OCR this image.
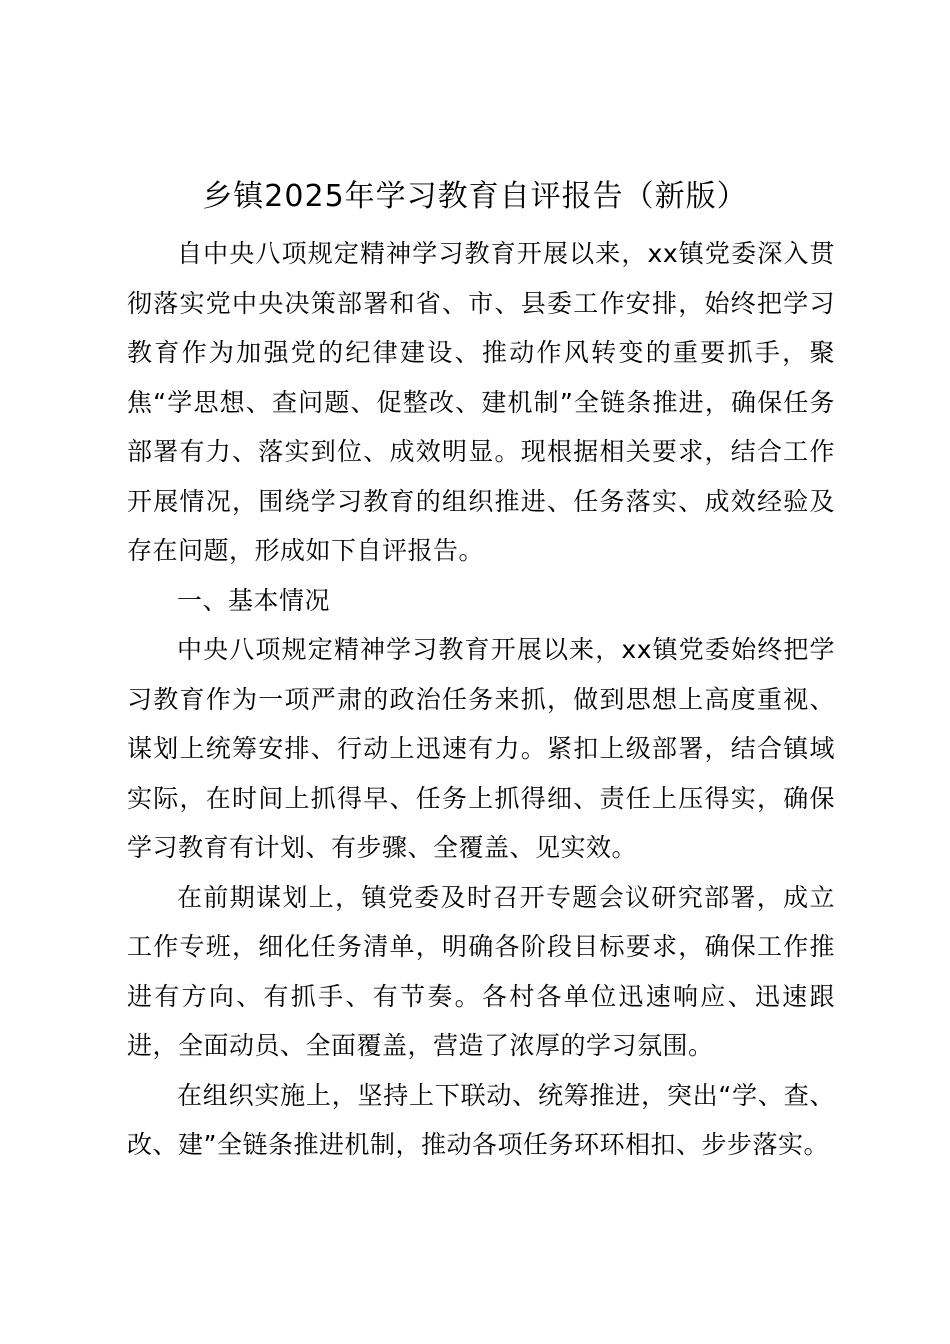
乡镇2025年学习教育自评报告（新版）

自中央八项规定精神学习教育开展以来，xx镇党委深入贯彻落实党中央决策部署和省、市、县委工作安排，始终把学习教育作为加强党的纪律建设、推动作风转变的重要抓手，聚焦“学思想、查问题、促整改、建机制”全链条推进，确保任务部署有力、落实到位、成效明显。现根据相关要求，结合工作开展情况，围绕学习教育的组织推进、任务落实、成效经验及存在问题，形成如下自评报告。

一、基本情况

中央八项规定精神学习教育开展以来，xx镇党委始终把学习教育作为一项严肃的政治任务来抓，做到思想上高度重视、谋划上统筹安排、行动上迅速有力。紧扣上级部署，结合镇域实际，在时间上抓得早、任务上抓得细、责任上压得实，确保学习教育有计划、有步骤、全覆盖、见实效。

在前期谋划上，镇党委及时召开专题会议研究部署，成立工作专班，细化任务清单，明确各阶段目标要求，确保工作推进有方向、有抓手、有节奏。各村各单位迅速响应、迅速跟进，全面动员、全面覆盖，营造了浓厚的学习氛围。

在组织实施上，坚持上下联动、统筹推进，突出“学、查、改、建”全链条推进机制，推动各项任务环环相扣、步步落实。
